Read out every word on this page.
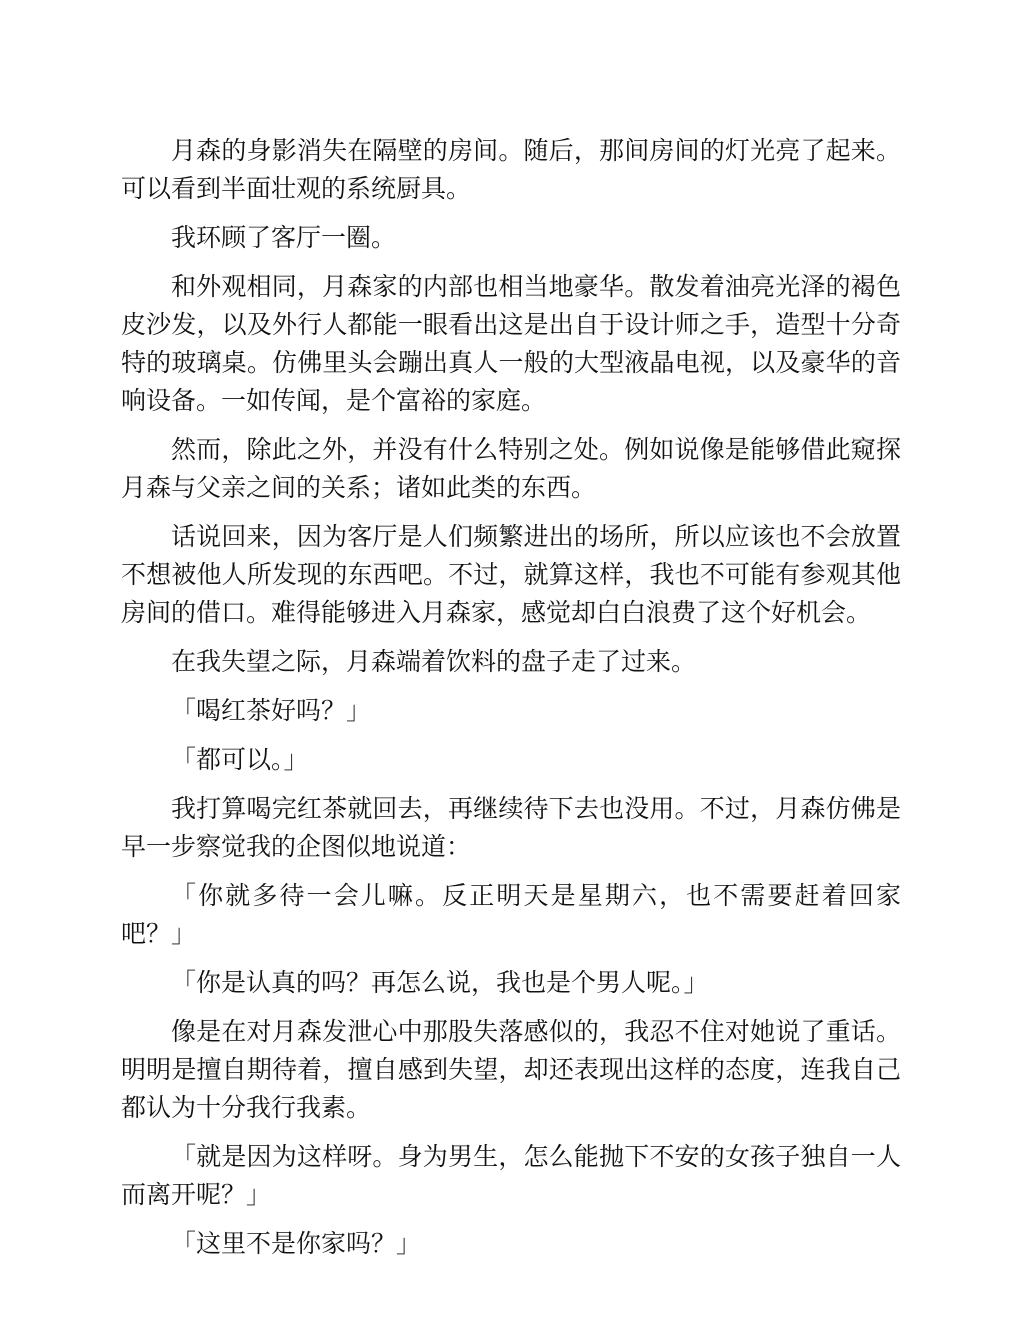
月森的身影消失在隔壁的房间。随后，那间房间的灯光亮了起来。可以看到半面壮观的系统厨具。

我环顾了客厅一圈。

和外观相同，月森家的内部也相当地豪华。散发着油亮光泽的褐色皮沙发，以及外行人都能一眼看出这是出自于设计师之手，造型十分奇特的玻璃桌。仿佛里头会蹦出真人一般的大型液晶电视，以及豪华的音响设备。一如传闻，是个富裕的家庭。

然而，除此之外，并没有什么特别之处。例如说像是能够借此窥探月森与父亲之间的关系；诸如此类的东西。

话说回来，因为客厅是人们频繁进出的场所，所以应该也不会放置不想被他人所发现的东西吧。不过，就算这样，我也不可能有参观其他房间的借口。难得能够进入月森家，感觉却白白浪费了这个好机会。

在我失望之际，月森端着饮料的盘子走了过来。

「喝红茶好吗？」

「都可以。」

我打算喝完红茶就回去，再继续待下去也没用。不过，月森仿佛是早一步察觉我的企图似地说道：

「你就多待一会儿嘛。反正明天是星期六，也不需要赶着回家吧？」

「你是认真的吗？再怎么说，我也是个男人呢。」

像是在对月森发泄心中那股失落感似的，我忍不住对她说了重话。明明是擅自期待着，擅自感到失望，却还表现出这样的态度，连我自己都认为十分我行我素。

「就是因为这样呀。身为男生，怎么能抛下不安的女孩子独自一人而离开呢？」

「这里不是你家吗？」
